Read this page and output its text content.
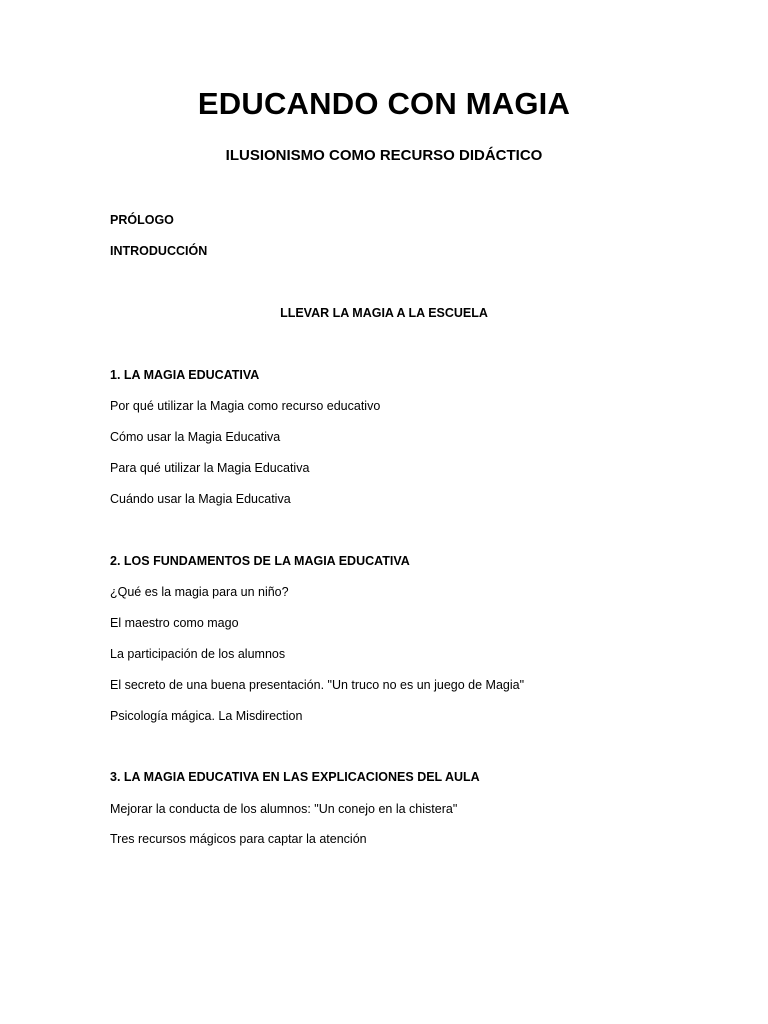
EDUCANDO CON MAGIA
ILUSIONISMO COMO RECURSO DIDÁCTICO
PRÓLOGO
INTRODUCCIÓN
LLEVAR LA MAGIA A LA ESCUELA
1. LA MAGIA EDUCATIVA
Por qué utilizar la Magia como recurso educativo
Cómo usar la Magia Educativa
Para qué utilizar la Magia Educativa
Cuándo usar la Magia Educativa
2. LOS FUNDAMENTOS DE LA MAGIA EDUCATIVA
¿Qué es la magia para un niño?
El maestro como mago
La participación de los alumnos
El secreto de una buena presentación. "Un truco no es un juego de Magia"
Psicología mágica. La Misdirection
3. LA MAGIA EDUCATIVA EN LAS EXPLICACIONES DEL AULA
Mejorar la conducta de los alumnos: "Un conejo en la chistera"
Tres recursos mágicos para captar la atención
